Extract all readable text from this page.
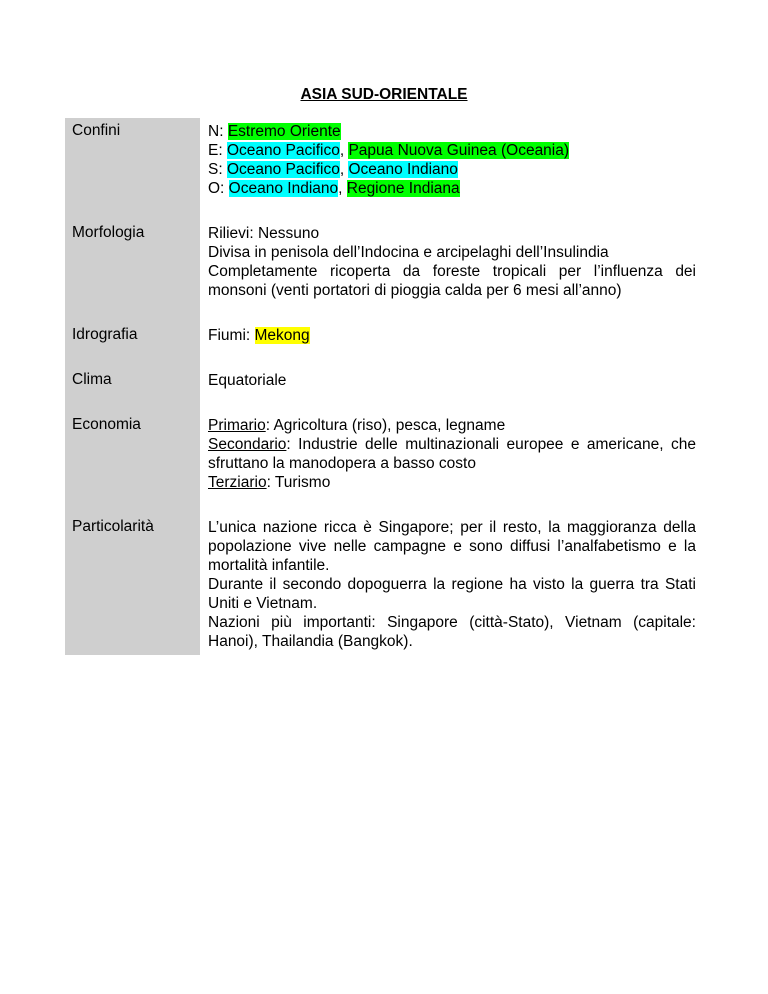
ASIA SUD-ORIENTALE
Confini	N: Estremo Oriente
E: Oceano Pacifico, Papua Nuova Guinea (Oceania)
S: Oceano Pacifico, Oceano Indiano
O: Oceano Indiano, Regione Indiana

Morfologia	Rilievi: Nessuno
Divisa in penisola dell’Indocina e arcipelaghi dell’Insulindia
Completamente ricoperta da foreste tropicali per l’influenza dei monsoni (venti portatori di pioggia calda per 6 mesi all’anno)

Idrografia	Fiumi: Mekong

Clima	Equatoriale

Economia	Primario: Agricoltura (riso), pesca, legname
Secondario: Industrie delle multinazionali europee e americane, che sfruttano la manodopera a basso costo
Terziario: Turismo

Particolarità	L’unica nazione ricca è Singapore; per il resto, la maggioranza della popolazione vive nelle campagne e sono diffusi l’analfabetismo e la mortalità infantile.
Durante il secondo dopoguerra la regione ha visto la guerra tra Stati Uniti e Vietnam.
Nazioni più importanti: Singapore (città-Stato), Vietnam (capitale: Hanoi), Thailandia (Bangkok).
